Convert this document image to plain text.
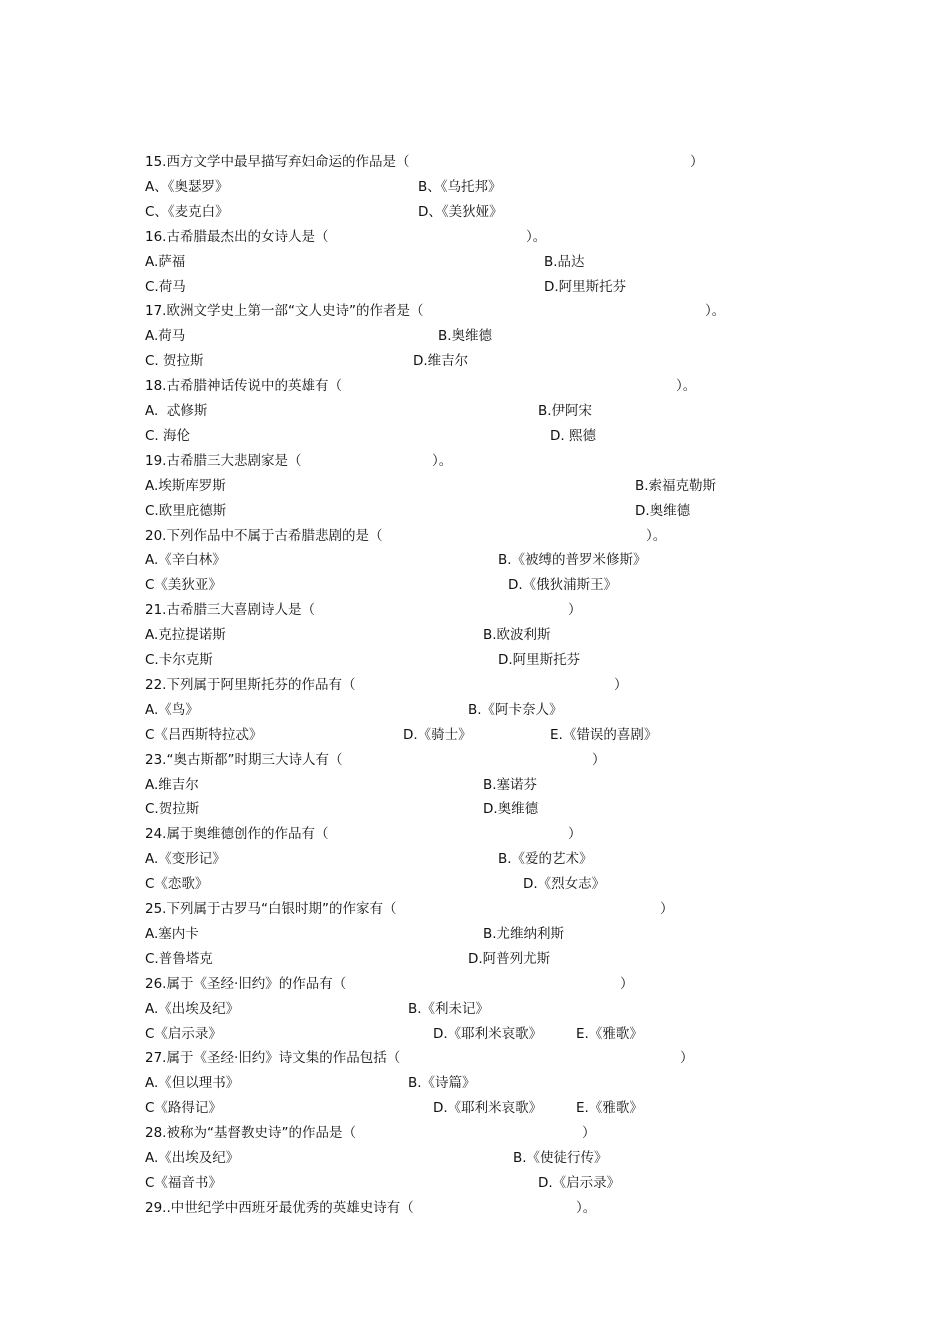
15.西方文学中最早描写弃妇命运的作品是（	）
A、《奥瑟罗》	B、《乌托邦》
C、《麦克白》	D、《美狄娅》
16.古希腊最杰出的女诗人是（	）。
A.萨福	B.品达
C.荷马	D.阿里斯托芬
17.欧洲文学史上第一部“文人史诗”的作者是（	）。
A.荷马	B.奥维德
C. 贺拉斯	D.维吉尔
18.古希腊神话传说中的英雄有（	）。
A.  忒修斯	B.伊阿宋
C. 海伦	D. 熙德
19.古希腊三大悲剧家是（	）。
A.埃斯库罗斯	B.索福克勒斯
C.欧里庇德斯	D.奥维德
20.下列作品中不属于古希腊悲剧的是（	）。
A.《辛白林》	B.《被缚的普罗米修斯》
C《美狄亚》	D.《俄狄浦斯王》
21.古希腊三大喜剧诗人是（	）
A.克拉提诺斯	B.欧波利斯
C.卡尔克斯	D.阿里斯托芬
22.下列属于阿里斯托芬的作品有（	）
A.《鸟》	B.《阿卡奈人》
C《吕西斯特拉忒》	D.《骑士》	E.《错误的喜剧》
23.“奥古斯都”时期三大诗人有（	）
A.维吉尔	B.塞诺芬
C.贺拉斯	D.奥维德
24.属于奥维德创作的作品有（	）
A.《变形记》	B.《爱的艺术》
C《恋歌》	D.《烈女志》
25.下列属于古罗马“白银时期”的作家有（	）
A.塞内卡	B.尤维纳利斯
C.普鲁塔克	D.阿普列尤斯
26.属于《圣经·旧约》的作品有（	）
A.《出埃及纪》	B.《利未记》
C《启示录》	D.《耶利米哀歌》	E.《雅歌》
27.属于《圣经·旧约》诗文集的作品包括（	）
A.《但以理书》	B.《诗篇》
C《路得记》	D.《耶利米哀歌》	E.《雅歌》
28.被称为“基督教史诗”的作品是（	）
A.《出埃及纪》	B.《使徒行传》
C《福音书》	D.《启示录》
29..中世纪学中西班牙最优秀的英雄史诗有（	）。
